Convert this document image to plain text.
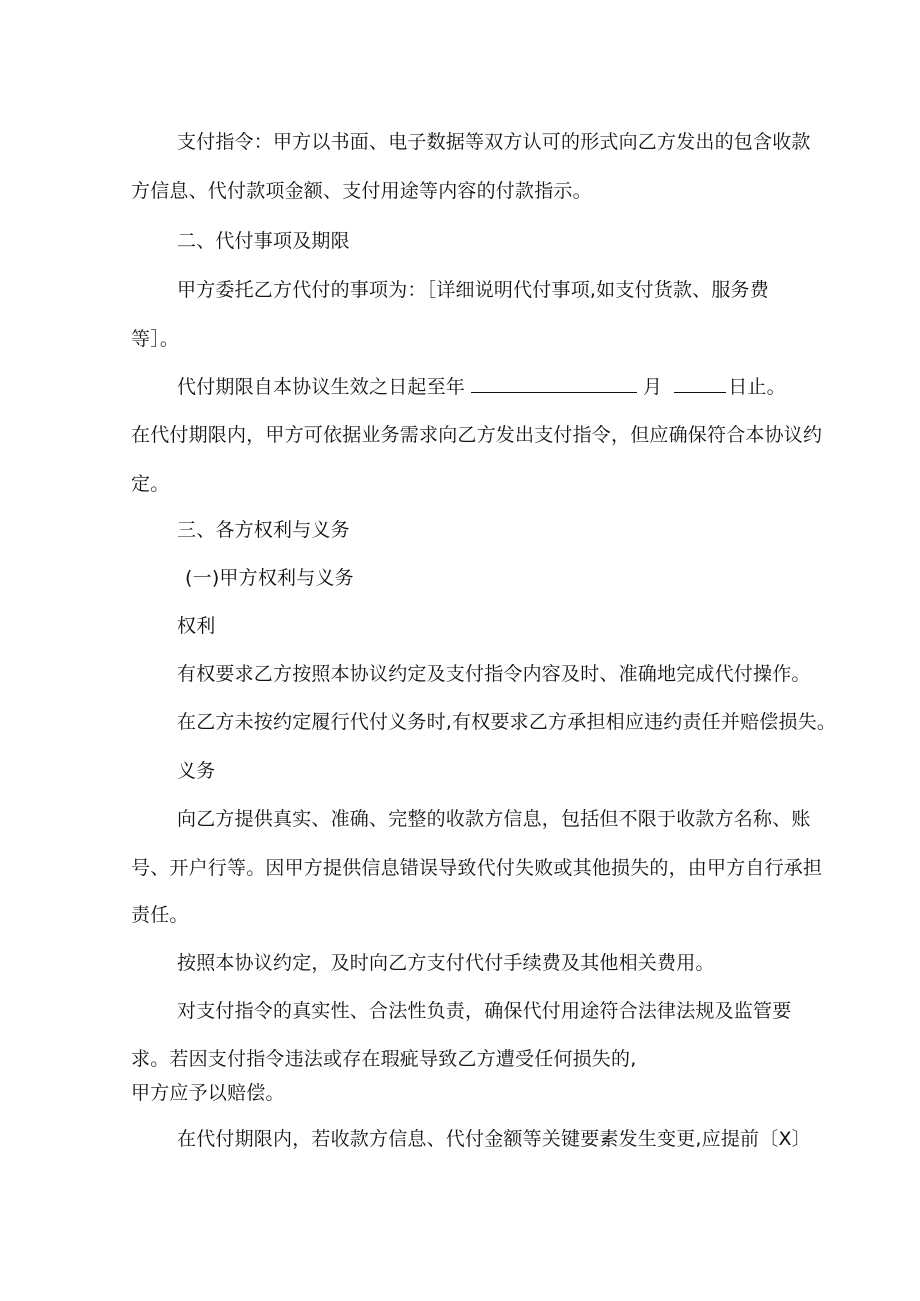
支付指令：甲方以书面、电子数据等双方认可的形式向乙方发出的包含收款
方信息、代付款项金额、支付用途等内容的付款指示。
二、代付事项及期限
甲方委托乙方代付的事项为：［详细说明代付事项,如支付货款、服务费
等］。
代付期限自本协议生效之日起至年	月	日止。
在代付期限内，甲方可依据业务需求向乙方发出支付指令，但应确保符合本协议约
定。
三、各方权利与义务
(一)甲方权利与义务
权利
有权要求乙方按照本协议约定及支付指令内容及时、准确地完成代付操作。
在乙方未按约定履行代付义务时,有权要求乙方承担相应违约责任并赔偿损失。
义务
向乙方提供真实、准确、完整的收款方信息，包括但不限于收款方名称、账
号、开户行等。因甲方提供信息错误导致代付失败或其他损失的，由甲方自行承担
责任。
按照本协议约定，及时向乙方支付代付手续费及其他相关费用。
对支付指令的真实性、合法性负责，确保代付用途符合法律法规及监管要
求。若因支付指令违法或存在瑕疵导致乙方遭受任何损失的,
甲方应予以赔偿。
在代付期限内，若收款方信息、代付金额等关键要素发生变更,应提前〔X〕
